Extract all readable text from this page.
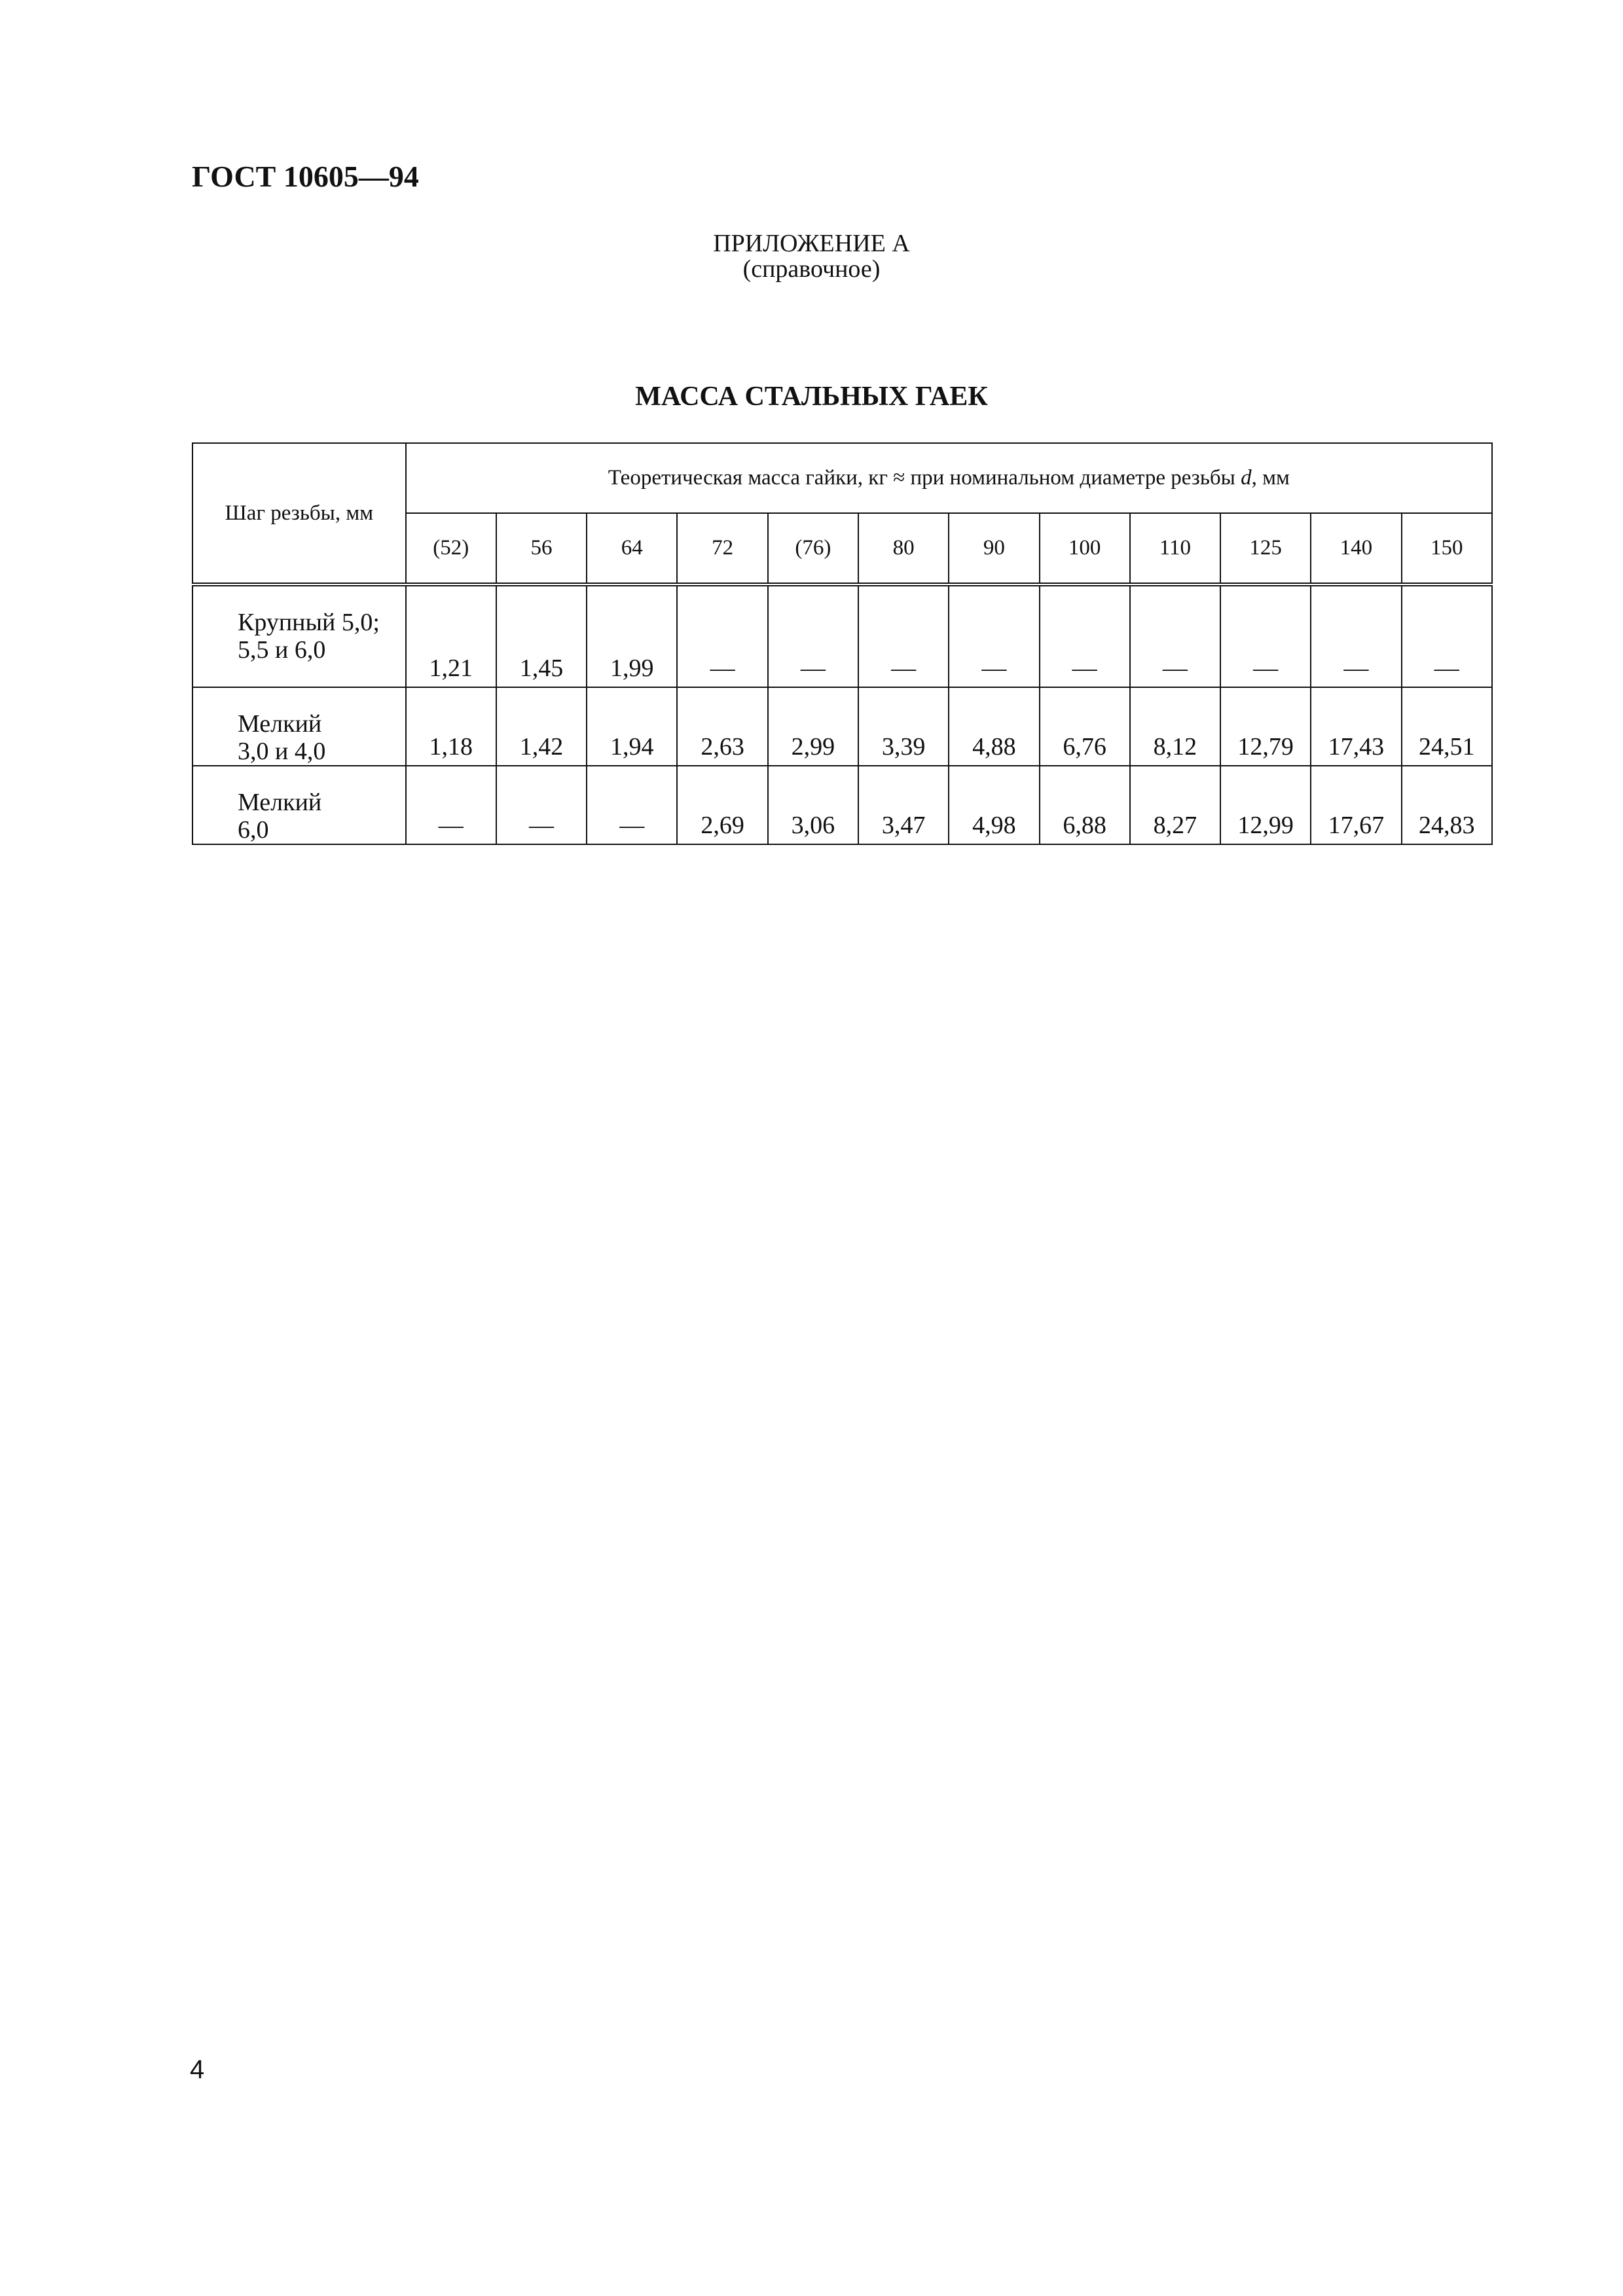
ГОСТ 10605—94
ПРИЛОЖЕНИЕ А
(справочное)
МАССА СТАЛЬНЫХ ГАЕК
Шаг резьбы, мм	Теоретическая масса гайки, кг ≈ при номинальном диаметре резьбы d, мм											
	(52)	56	64	72	(76)	80	90	100	110	125	140	150

Крупный 5,0;
5,5 и 6,0	1,21	1,45	1,99	—	—	—	—	—	—	—	—	—

Мелкий
3,0 и 4,0	1,18	1,42	1,94	2,63	2,99	3,39	4,88	6,76	8,12	12,79	17,43	24,51

Мелкий
6,0	—	—	—	2,69	3,06	3,47	4,98	6,88	8,27	12,99	17,67	24,83
4
